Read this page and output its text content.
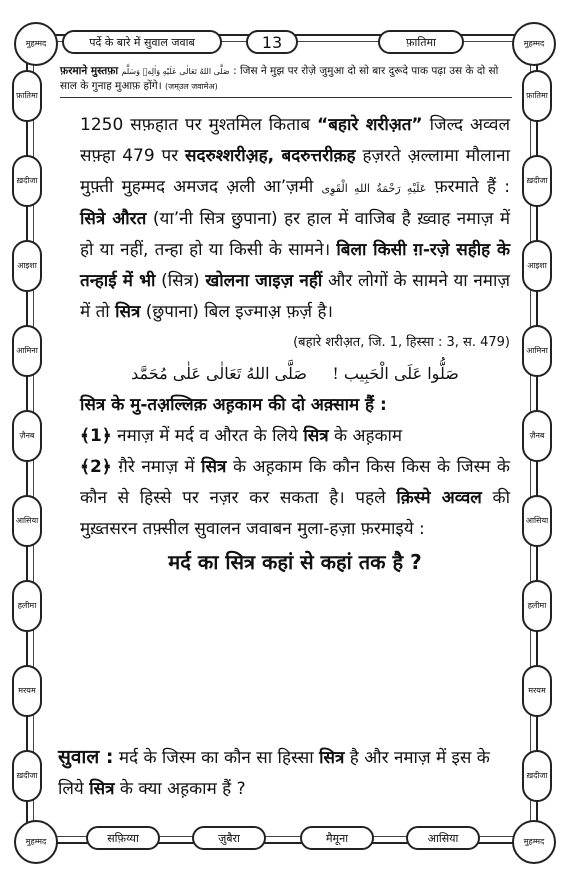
मुहम्मद	मुहम्मद
मुहम्मद	मुहम्मद
पर्दे के बारे में सुवाल जवाब	13	फ़ातिमा
फ़ातिमा
ख़दीजा
आइशा
आमिना
ज़ैनब
आसिया
हलीमा
मरयम
ख़दीजा
फ़ातिमा
ख़दीजा
आइशा
आमिना
ज़ैनब
आसिया
हलीमा
मरयम
ख़दीजा
फ़रमाने मुस्तफ़ा صَلَّى اللهُ تَعَالٰى عَلَيْهِ وَاٰلِهٖ وَسَلَّم : जिस ने मुझ पर रोज़े जुमुआ दो सो बार दुरूदे पाक पढ़ा उस के दो सो साल के गुनाह मुआफ़ होंगे। (जम्उल जवामेअ)

1250 सफ़हात पर मुश्तमिल किताब “बहारे शरीअ़त” जिल्द अव्वल सफ़्हा 479 पर सदरुश्शरीअ़ह, बदरुत्तरीक़ह हज़रते अ़ल्लामा मौलाना मुफ़्ती मुहम्मद अमजद अ़ली आ’ज़मी عَلَيْهِ رَحْمَةُ اللهِ الْقَوِى फ़रमाते हैं : सित्रे औरत (या’नी सित्र छुपाना) हर हाल में वाजिब है ख़्वाह नमाज़ में हो या नहीं, तन्हा हो या किसी के सामने। बिला किसी ग़-रजे़ सहीह के तन्हाई में भी (सित्र) खोलना जाइज़ नहीं और लोगों के सामने या नमाज़ में तो सित्र (छुपाना) बिल इज्माअ़ फ़र्ज़ है।

(बहारे शरीअ़त, जि. 1, हिस्सा : 3, स. 479)
صَلُّوا عَلَى الْحَبِيب !     صَلَّى اللهُ تَعَالٰى عَلٰى مُحَمَّد

सित्र के मु-तअ़ल्लिक़ अह़काम की दो अक़्साम हैं :

﴾1﴿ नमाज़ में मर्द व औरत के लिये सित्र के अह़काम

﴾2﴿ ग़ैरे नमाज़ में सित्र के अह़काम कि कौन किस किस के जिस्म के कौन से हिस्से पर नज़र कर सकता है। पहले क़िस्मे अव्वल की मुख़्तसरन तफ़्सील सुवालन जवाबन मुला-हज़ा फ़रमाइये :

मर्द का सित्र कहां से कहां तक है ?
सुवाल : मर्द के जिस्म का कौन सा हिस्सा सित्र है और नमाज़ में इस के लिये सित्र के क्या अह़काम हैं ?
सफ़िय्या	ज़ुबैरा	मैमूना	आसिया
